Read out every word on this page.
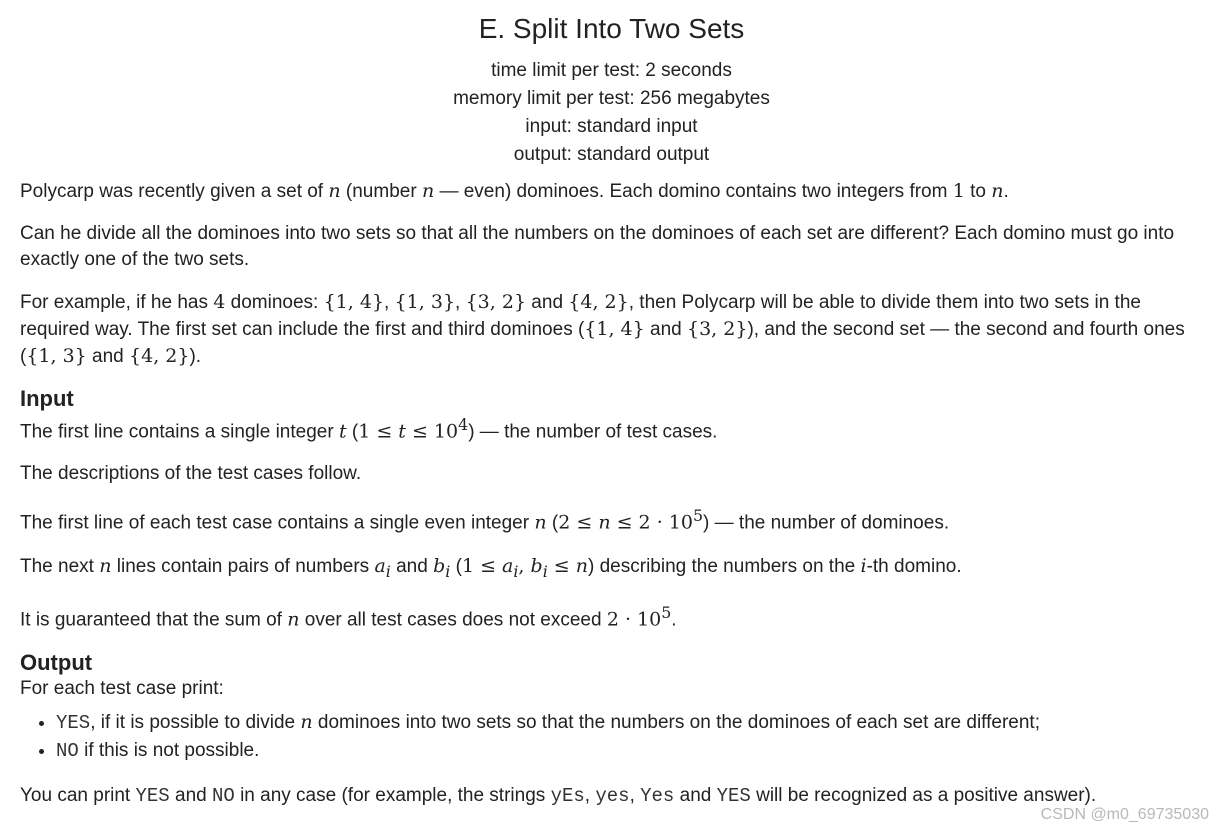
E. Split Into Two Sets
time limit per test: 2 seconds
memory limit per test: 256 megabytes
input: standard input
output: standard output

Polycarp was recently given a set of n (number n — even) dominoes. Each domino contains two integers from 1 to n.

Can he divide all the dominoes into two sets so that all the numbers on the dominoes of each set are different? Each domino must go into exactly one of the two sets.

For example, if he has 4 dominoes: {1, 4}, {1, 3}, {3, 2} and {4, 2}, then Polycarp will be able to divide them into two sets in the required way. The first set can include the first and third dominoes ({1, 4} and {3, 2}), and the second set — the second and fourth ones ({1, 3} and {4, 2}).

Input

The first line contains a single integer t $(1 \le t \le 10^4)$ — the number of test cases.

The descriptions of the test cases follow.

The first line of each test case contains a single even integer n $(2 \le n \le 2 \cdot 10^5)$ — the number of dominoes.

The next n lines contain pairs of numbers $a_i$ and $b_i$ ($1 \le a_i$, $b_i \le n$) describing the numbers on the i-th domino.

It is guaranteed that the sum of n over all test cases does not exceed $2 \cdot 10^5$.

Output
For each test case print:
• YES, if it is possible to divide n dominoes into two sets so that the numbers on the dominoes of each set are different;
• NO if this is not possible.

You can print YES and NO in any case (for example, the strings yEs, yes, Yes and YES will be recognized as a positive answer).

CSDN @m0_69735030
